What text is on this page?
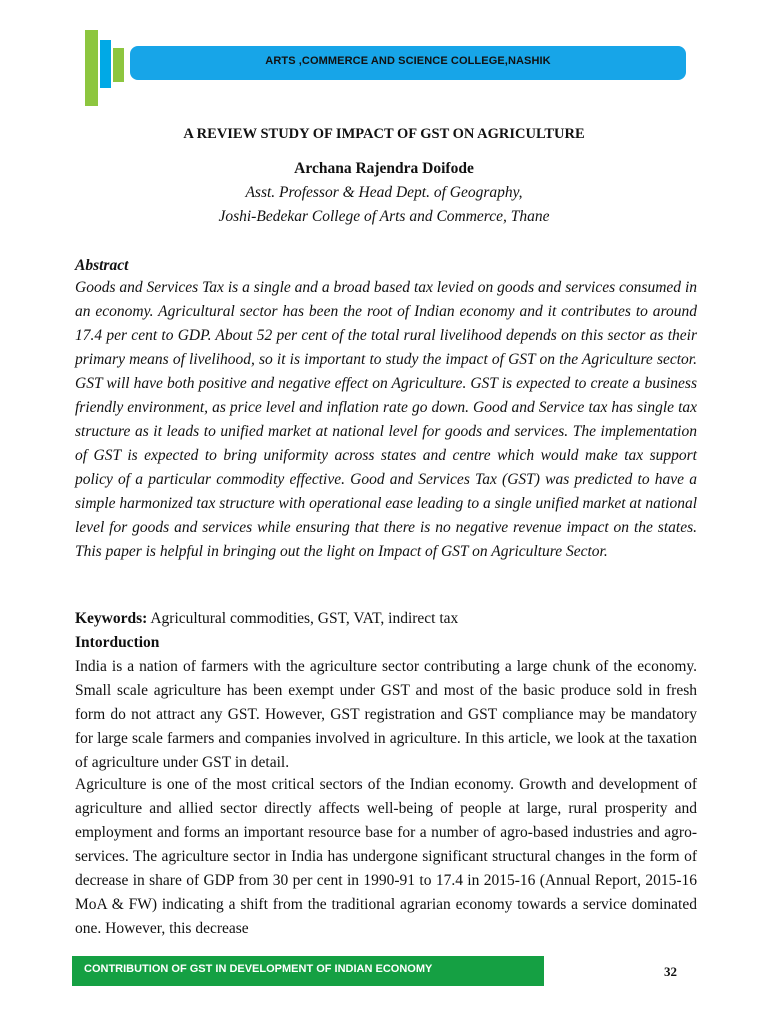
ARTS ,COMMERCE AND SCIENCE COLLEGE,NASHIK
A REVIEW STUDY OF IMPACT OF GST ON AGRICULTURE
Archana Rajendra Doifode
Asst. Professor & Head Dept. of Geography,
Joshi-Bedekar College of Arts and Commerce, Thane
Abstract
Goods and Services Tax is a single and a broad based tax levied on goods and services consumed in an economy. Agricultural sector has been the root of Indian economy and it contributes to around 17.4 per cent to GDP. About 52 per cent of the total rural livelihood depends on this sector as their primary means of livelihood, so it is important to study the impact of GST on the Agriculture sector. GST will have both positive and negative effect on Agriculture. GST is expected to create a business friendly environment, as price level and inflation rate go down. Good and Service tax has single tax structure as it leads to unified market at national level for goods and services. The implementation of GST is expected to bring uniformity across states and centre which would make tax support policy of a particular commodity effective. Good and Services Tax (GST) was predicted to have a simple harmonized tax structure with operational ease leading to a single unified market at national level for goods and services while ensuring that there is no negative revenue impact on the states. This paper is helpful in bringing out the light on Impact of GST on Agriculture Sector.
Keywords: Agricultural commodities, GST, VAT, indirect tax
Intorduction
India is a nation of farmers with the agriculture sector contributing a large chunk of the economy. Small scale agriculture has been exempt under GST and most of the basic produce sold in fresh form do not attract any GST. However, GST registration and GST compliance may be mandatory for large scale farmers and companies involved in agriculture. In this article, we look at the taxation of agriculture under GST in detail.
Agriculture is one of the most critical sectors of the Indian economy. Growth and development of agriculture and allied sector directly affects well-being of people at large, rural prosperity and employment and forms an important resource base for a number of agro-based industries and agro-services. The agriculture sector in India has undergone significant structural changes in the form of decrease in share of GDP from 30 per cent in 1990-91 to 17.4 in 2015-16 (Annual Report, 2015-16 MoA & FW) indicating a shift from the traditional agrarian economy towards a service dominated one. However, this decrease
CONTRIBUTION OF GST IN DEVELOPMENT OF INDIAN ECONOMY	32
